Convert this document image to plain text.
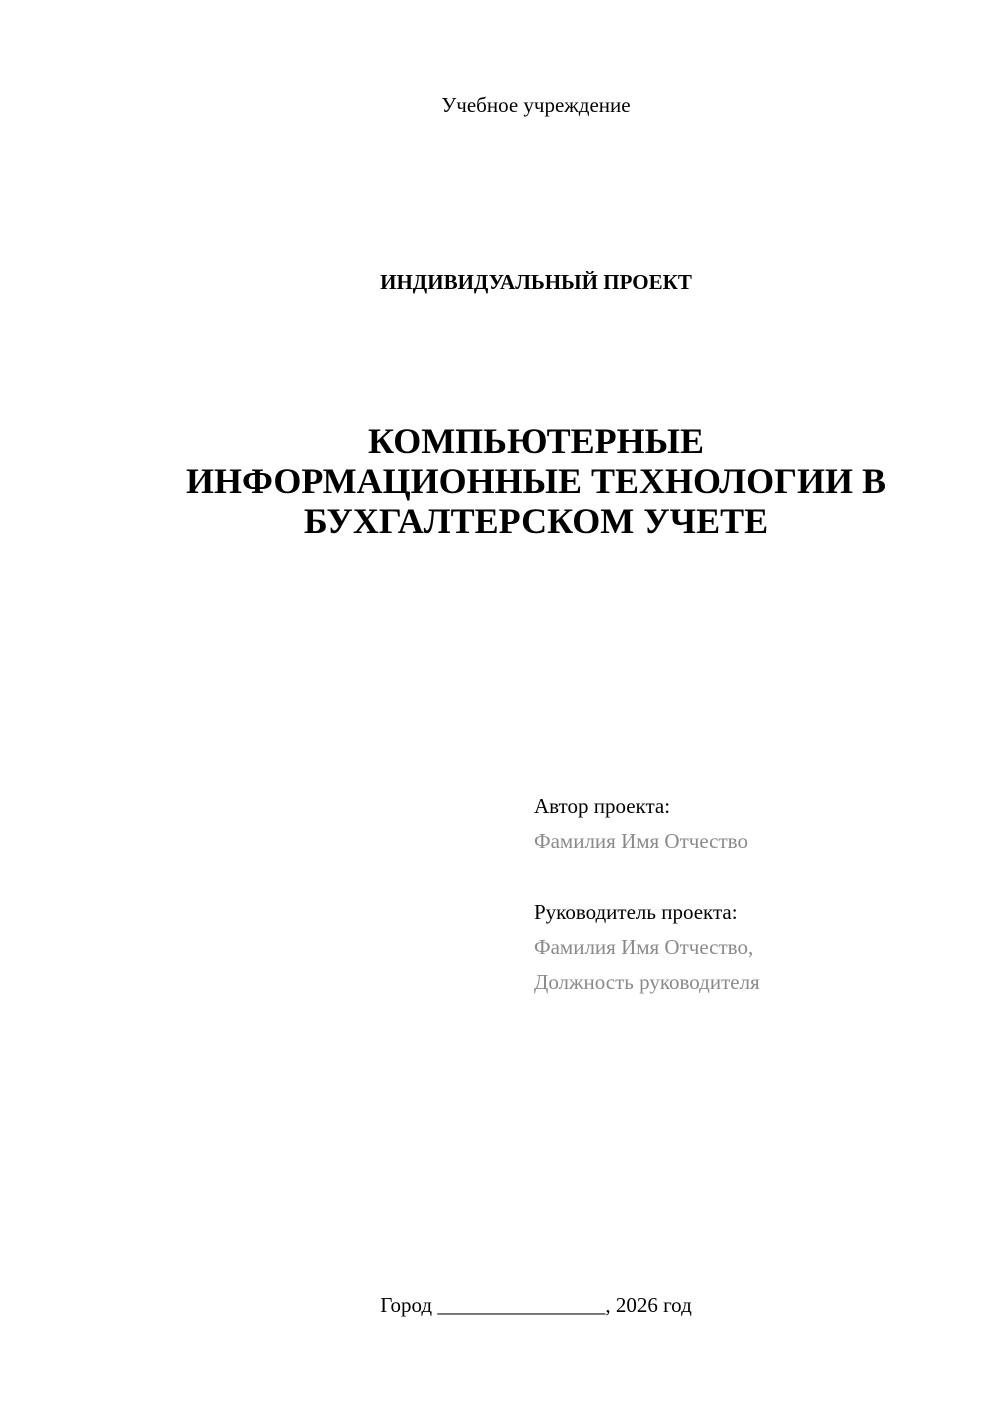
Учебное учреждение
ИНДИВИДУАЛЬНЫЙ ПРОЕКТ
КОМПЬЮТЕРНЫЕ
ИНФОРМАЦИОННЫЕ ТЕХНОЛОГИИ В
БУХГАЛТЕРСКОМ УЧЕТЕ
Автор проекта:
Фамилия Имя Отчество
Руководитель проекта:
Фамилия Имя Отчество,
Должность руководителя
Город ________________, 2026 год
